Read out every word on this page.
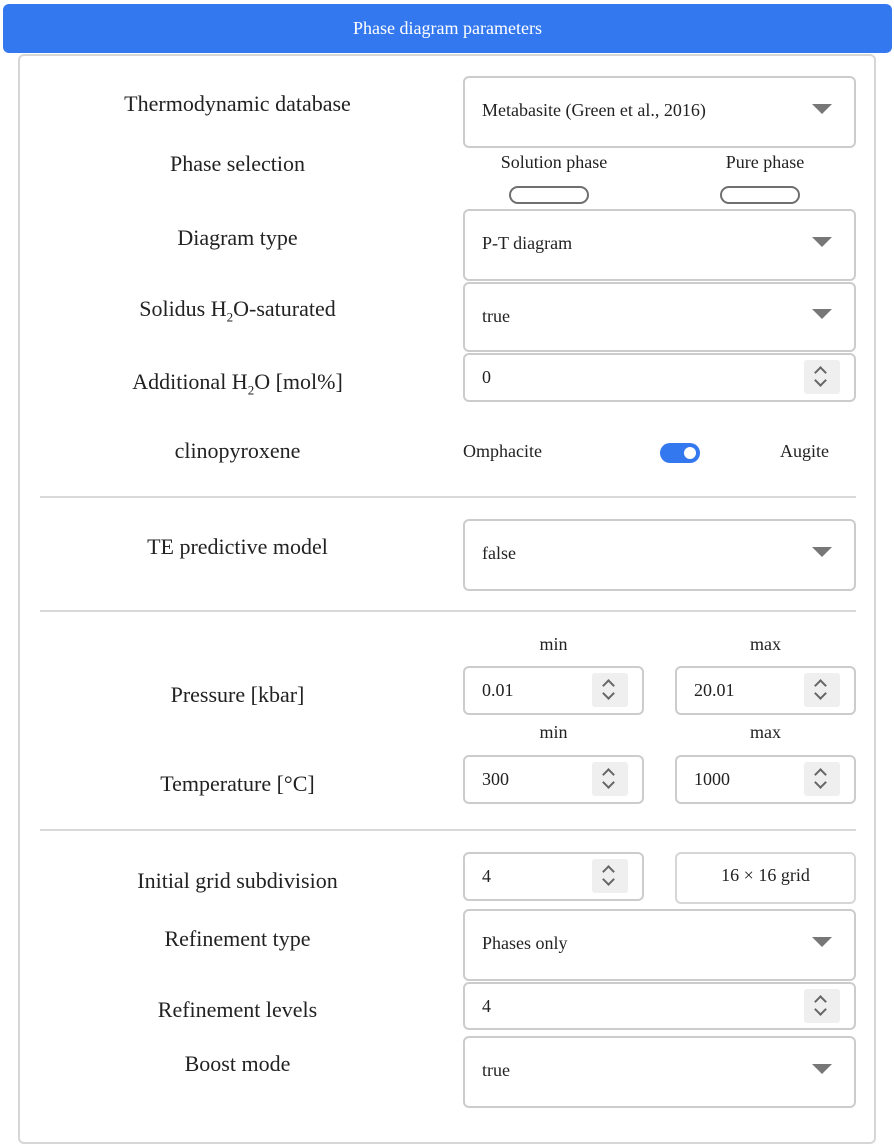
Phase diagram parameters
Thermodynamic database	Metabasite (Green et al., 2016)
Phase selection	Solution phase	Pure phase
Diagram type	P-T diagram
Solidus $H_2O$-saturated	true
Additional $H_2O$ [mol%]	0
clinopyroxene	Omphacite	Augite
TE predictive model	false
min	max
Pressure [kbar]	0.01	20.01
min	max
Temperature [°C]	300	1000
Initial grid subdivision	4	16 × 16 grid
Refinement type	Phases only
Refinement levels	4
Boost mode	true
